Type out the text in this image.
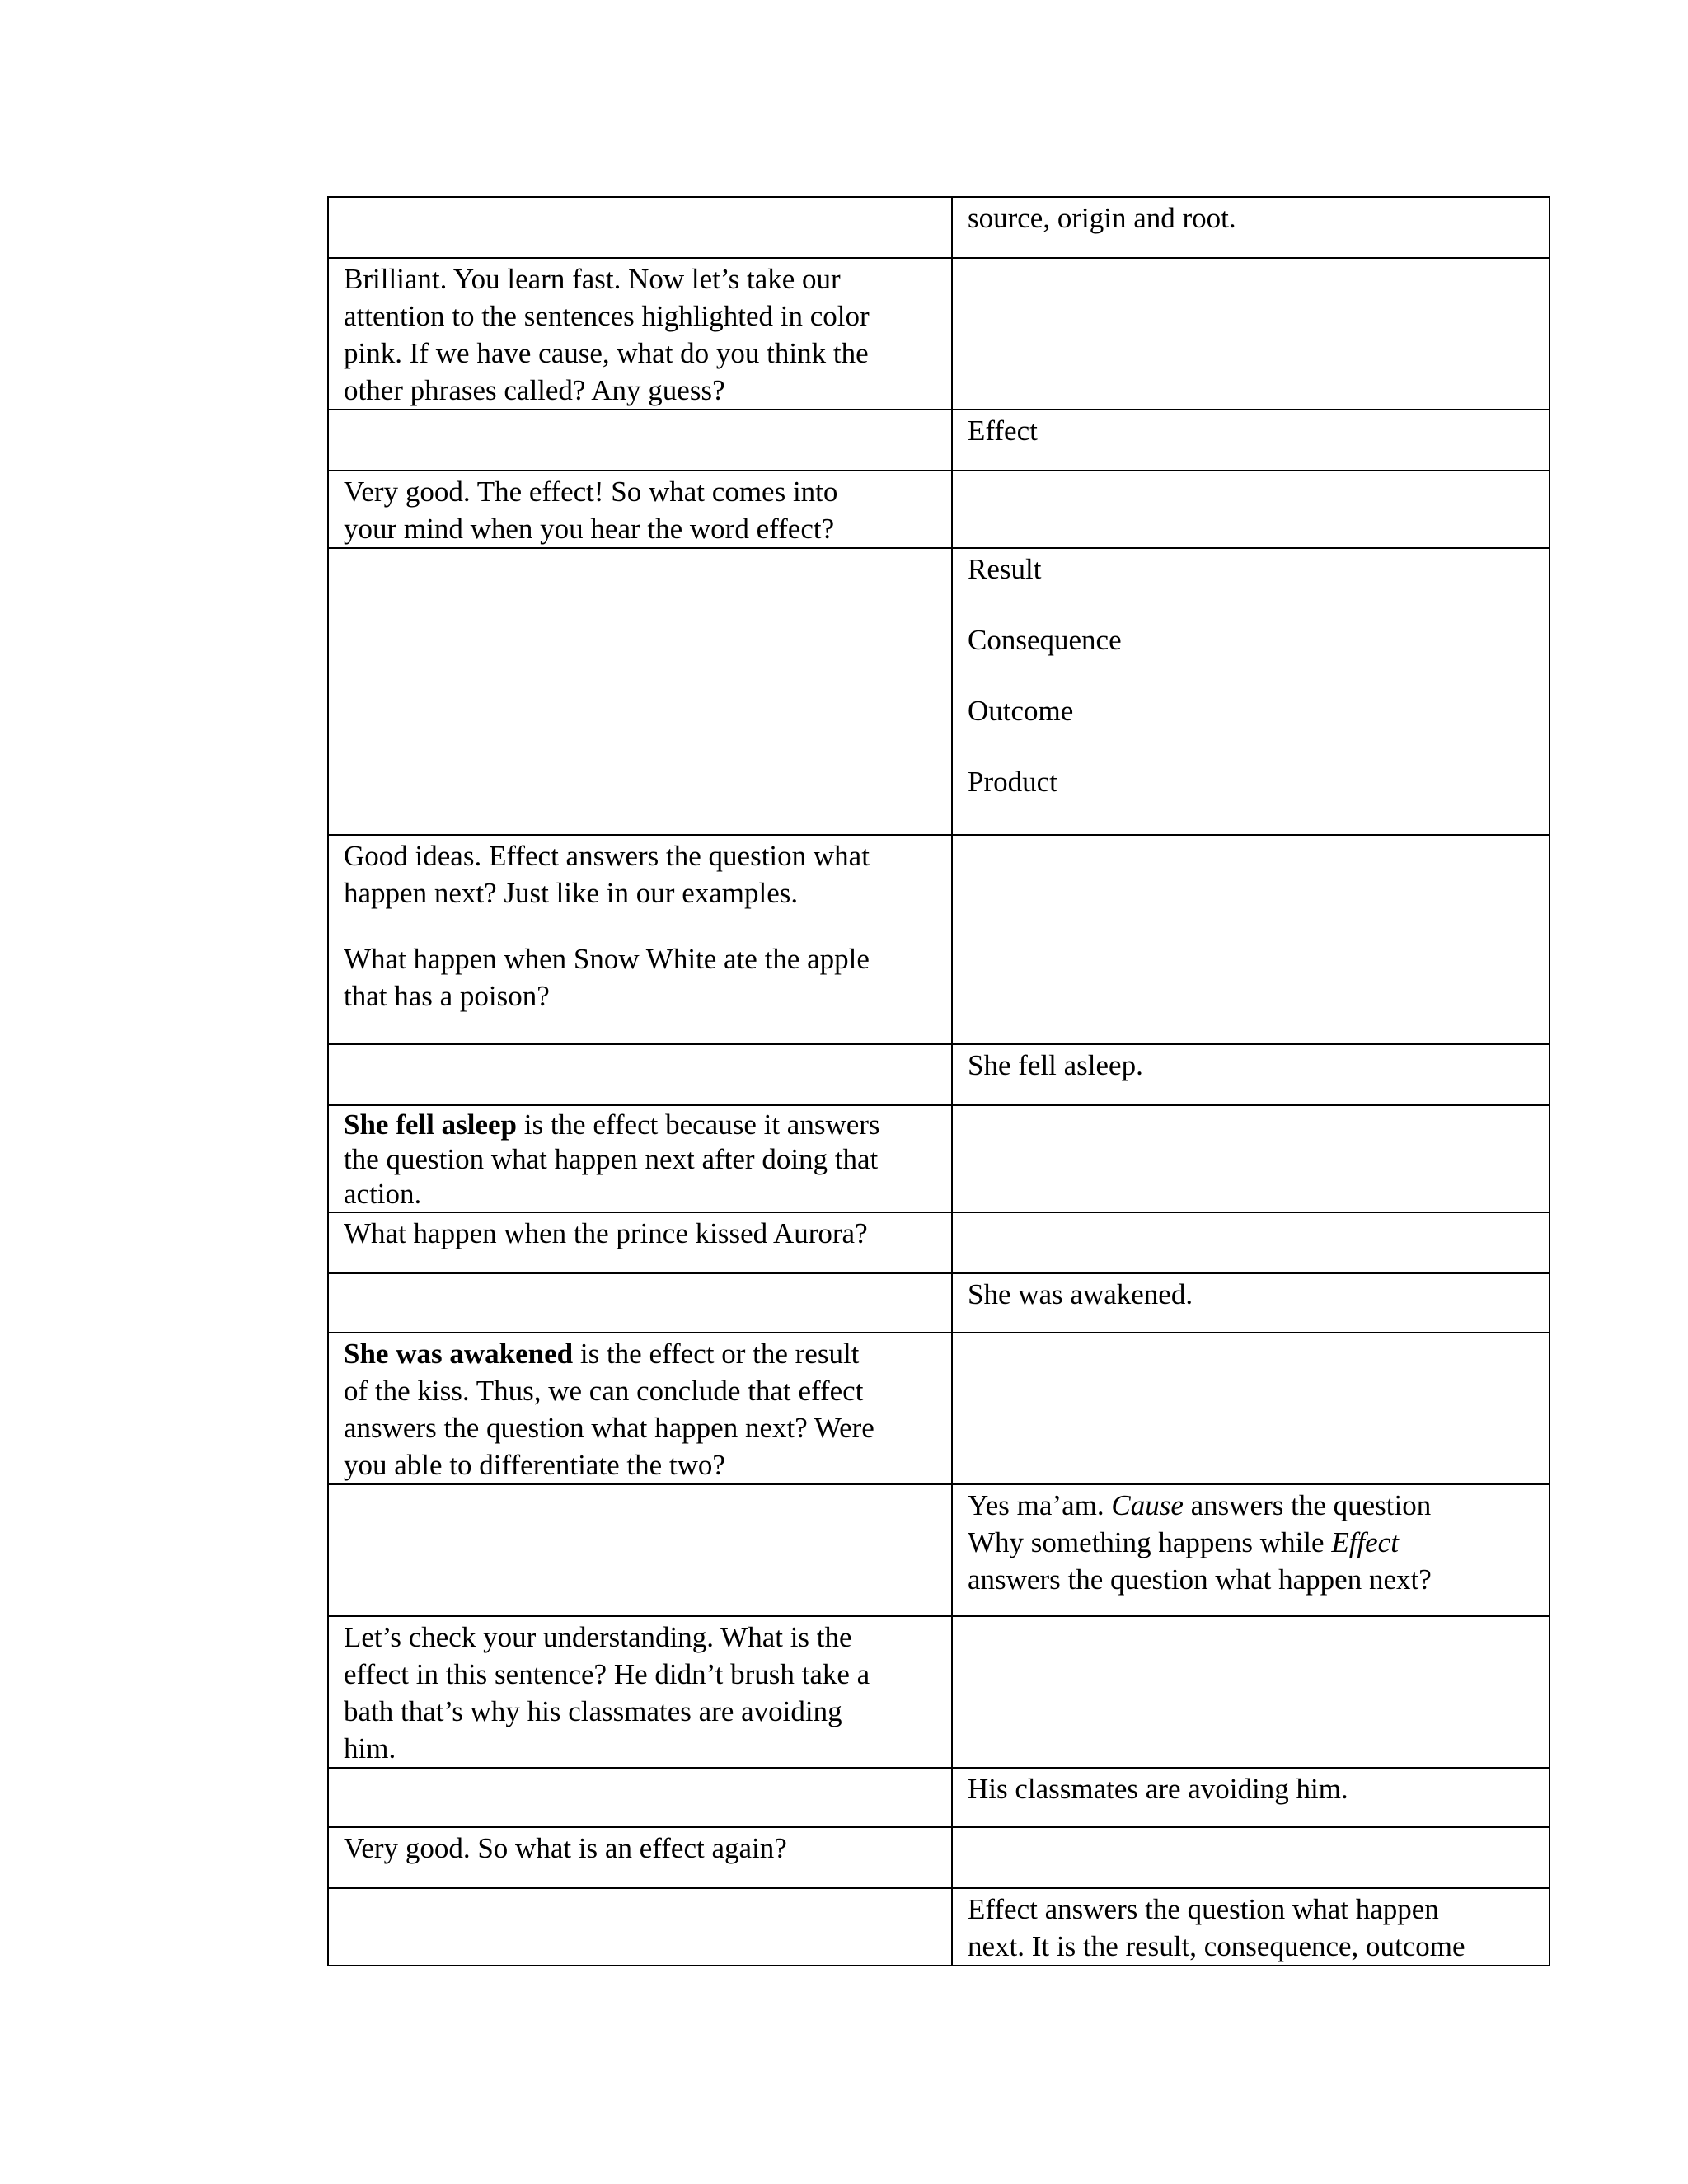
	source, origin and root.

Brilliant. You learn fast. Now let’s take our
attention to the sentences highlighted in color
pink. If we have cause, what do you think the
other phrases called? Any guess?	

	Effect

Very good. The effect! So what comes into
your mind when you hear the word effect?	

	Result
Consequence
Outcome
Product

Good ideas. Effect answers the question what
happen next? Just like in our examples.
What happen when Snow White ate the apple
that has a poison?	

	She fell asleep.

She fell asleep is the effect because it answers
the question what happen next after doing that
action.	

What happen when the prince kissed Aurora?	

	She was awakened.

She was awakened is the effect or the result
of the kiss. Thus, we can conclude that effect
answers the question what happen next? Were
you able to differentiate the two?	

	Yes ma’am. Cause answers the question
Why something happens while Effect
answers the question what happen next?

Let’s check your understanding. What is the
effect in this sentence? He didn’t brush take a
bath that’s why his classmates are avoiding
him.	

	His classmates are avoiding him.

Very good. So what is an effect again?	

	Effect answers the question what happen
next. It is the result, consequence, outcome
